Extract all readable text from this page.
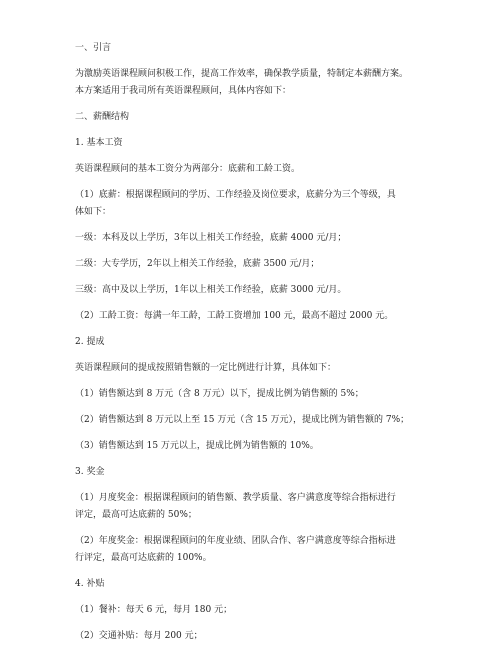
一、引言
为激励英语课程顾问积极工作，提高工作效率，确保教学质量，特制定本薪酬方案。
本方案适用于我司所有英语课程顾问，具体内容如下：
二、薪酬结构
1. 基本工资
英语课程顾问的基本工资分为两部分：底薪和工龄工资。
（1）底薪：根据课程顾问的学历、工作经验及岗位要求，底薪分为三个等级，具
体如下：
一级：本科及以上学历，3年以上相关工作经验，底薪 4000 元/月；
二级：大专学历，2年以上相关工作经验，底薪 3500 元/月；
三级：高中及以上学历，1年以上相关工作经验，底薪 3000 元/月。
（2）工龄工资：每满一年工龄，工龄工资增加 100 元，最高不超过 2000 元。
2. 提成
英语课程顾问的提成按照销售额的一定比例进行计算，具体如下：
（1）销售额达到 8 万元（含 8 万元）以下，提成比例为销售额的 5%；
（2）销售额达到 8 万元以上至 15 万元（含 15 万元），提成比例为销售额的 7%；
（3）销售额达到 15 万元以上，提成比例为销售额的 10%。
3. 奖金
（1）月度奖金：根据课程顾问的销售额、教学质量、客户满意度等综合指标进行
评定，最高可达底薪的 50%；
（2）年度奖金：根据课程顾问的年度业绩、团队合作、客户满意度等综合指标进
行评定，最高可达底薪的 100%。
4. 补贴
（1）餐补：每天 6 元，每月 180 元；
（2）交通补贴：每月 200 元；
